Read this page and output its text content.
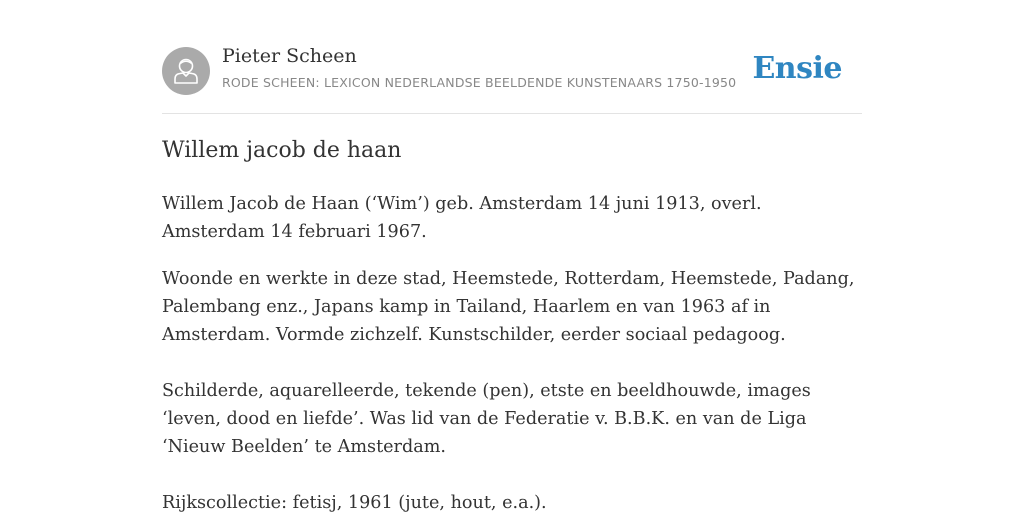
Pieter Scheen
RODE SCHEEN: LEXICON NEDERLANDSE BEELDENDE KUNSTENAARS 1750-1950 Ensie
Willem jacob de haan

Willem Jacob de Haan (‘Wim’) geb. Amsterdam 14 juni 1913, overl. Amsterdam 14 februari 1967.

Woonde en werkte in deze stad, Heemstede, Rotterdam, Heemstede, Padang, Palembang enz., Japans kamp in Tailand, Haarlem en van 1963 af in Amsterdam. Vormde zichzelf. Kunstschilder, eerder sociaal pedagoog.

Schilderde, aquarelleerde, tekende (pen), etste en beeldhouwde, images ‘leven, dood en liefde’. Was lid van de Federatie v. B.B.K. en van de Liga ‘Nieuw Beelden’ te Amsterdam.

Rijkscollectie: fetisj, 1961 (jute, hout, e.a.).
